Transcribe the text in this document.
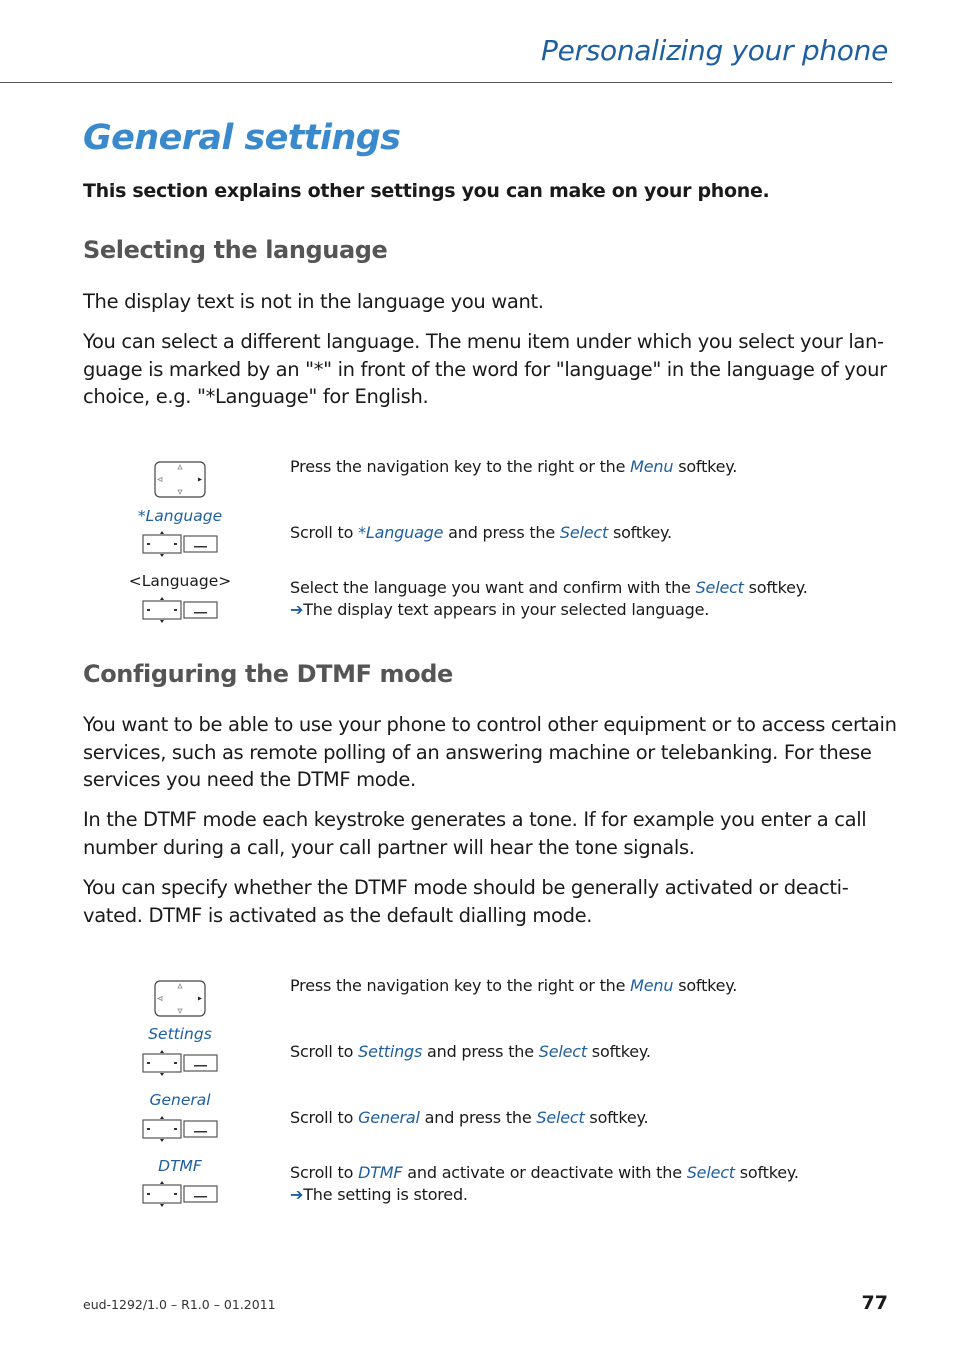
Personalizing your phone
General settings
This section explains other settings you can make on your phone.
Selecting the language
The display text is not in the language you want.
You can select a different language. The menu item under which you select your lan-
guage is marked by an "*" in front of the word for "language" in the language of your
choice, e.g. "*Language" for English.
Press the navigation key to the right or the Menu softkey.
*Language
Scroll to *Language and press the Select softkey.
<Language>	Select the language you want and confirm with the Select softkey.
➔The display text appears in your selected language.
Configuring the DTMF mode
You want to be able to use your phone to control other equipment or to access certain
services, such as remote polling of an answering machine or telebanking. For these
services you need the DTMF mode.
In the DTMF mode each keystroke generates a tone. If for example you enter a call
number during a call, your call partner will hear the tone signals.
You can specify whether the DTMF mode should be generally activated or deacti-
vated. DTMF is activated as the default dialling mode.
Press the navigation key to the right or the Menu softkey.
Settings
Scroll to Settings and press the Select softkey.
General
Scroll to General and press the Select softkey.
DTMF	Scroll to DTMF and activate or deactivate with the Select softkey.
➔The setting is stored.
eud-1292/1.0 – R1.0 – 01.2011	77
